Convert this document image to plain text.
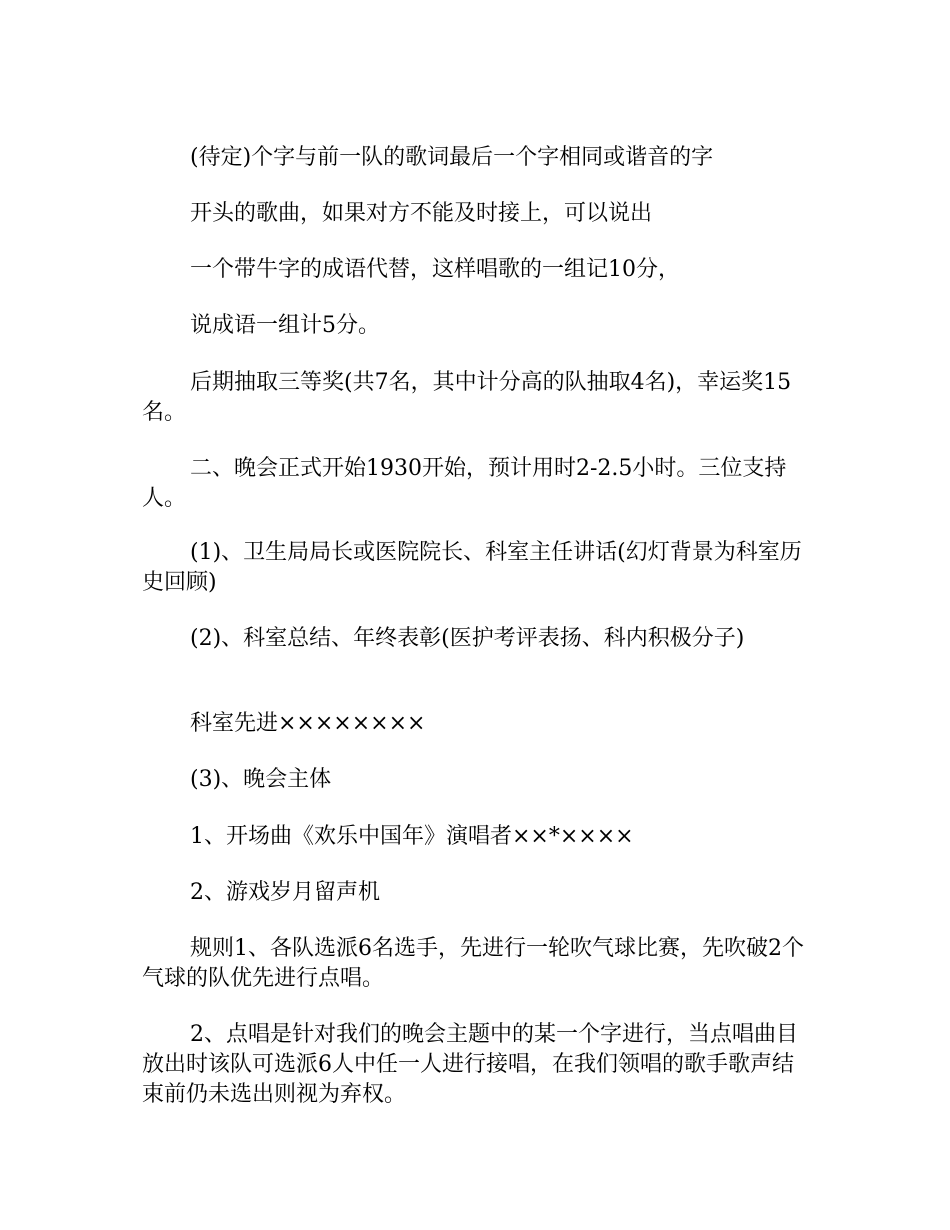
(待定)个字与前一队的歌词最后一个字相同或谐音的字

开头的歌曲，如果对方不能及时接上，可以说出

一个带牛字的成语代替，这样唱歌的一组记10分，

说成语一组计5分。

后期抽取三等奖(共7名，其中计分高的队抽取4名)，幸运奖15名。

二、晚会正式开始1930开始，预计用时2-2.5小时。三位支持人。

(1)、卫生局局长或医院院长、科室主任讲话(幻灯背景为科室历史回顾)

(2)、科室总结、年终表彰(医护考评表扬、科内积极分子)

科室先进××××××××

(3)、晚会主体

1、开场曲《欢乐中国年》演唱者××*××××

2、游戏岁月留声机

规则1、各队选派6名选手，先进行一轮吹气球比赛，先吹破2个气球的队优先进行点唱。

2、点唱是针对我们的晚会主题中的某一个字进行，当点唱曲目放出时该队可选派6人中任一人进行接唱，在我们领唱的歌手歌声结束前仍未选出则视为弃权。
